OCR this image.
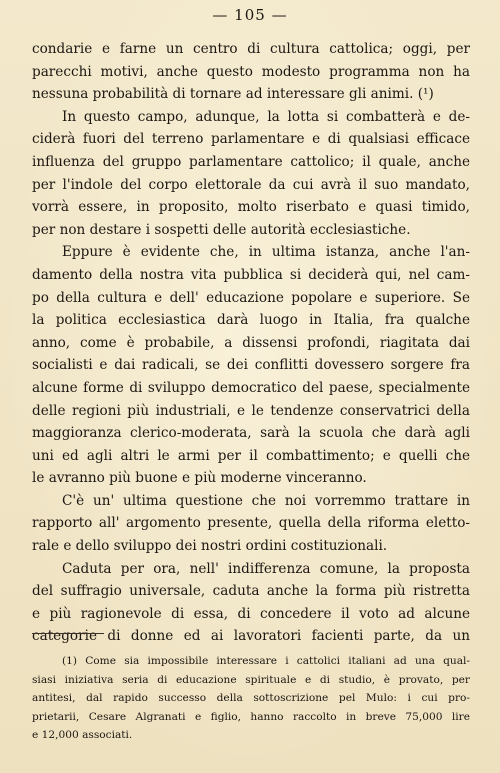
— 105 —
condarie e farne un centro di cultura cattolica; oggi, per
parecchi motivi, anche questo modesto programma non ha
nessuna probabilità di tornare ad interessare gli animi. (¹)
In questo campo, adunque, la lotta si combatterà e de-
ciderà fuori del terreno parlamentare e di qualsiasi efficace
influenza del gruppo parlamentare cattolico; il quale, anche
per l'indole del corpo elettorale da cui avrà il suo mandato,
vorrà essere, in proposito, molto riserbato e quasi timido,
per non destare i sospetti delle autorità ecclesiastiche.
Eppure è evidente che, in ultima istanza, anche l'an-
damento della nostra vita pubblica si deciderà qui, nel cam-
po della cultura e dell' educazione popolare e superiore. Se
la politica ecclesiastica darà luogo in Italia, fra qualche
anno, come è probabile, a dissensi profondi, riagitata dai
socialisti e dai radicali, se dei conflitti dovessero sorgere fra
alcune forme di sviluppo democratico del paese, specialmente
delle regioni più industriali, e le tendenze conservatrici della
maggioranza clerico-moderata, sarà la scuola che darà agli
uni ed agli altri le armi per il combattimento; e quelli che
le avranno più buone e più moderne vinceranno.
C'è un' ultima questione che noi vorremmo trattare in
rapporto all' argomento presente, quella della riforma eletto-
rale e dello sviluppo dei nostri ordini costituzionali.
Caduta per ora, nell' indifferenza comune, la proposta
del suffragio universale, caduta anche la forma più ristretta
e più ragionevole di essa, di concedere il voto ad alcune
categorie di donne ed ai lavoratori facienti parte, da un
(1) Come sia impossibile interessare i cattolici italiani ad una qual-
siasi iniziativa seria di educazione spirituale e di studio, è provato, per
antitesi, dal rapido successo della sottoscrizione pel Mulo: i cui pro-
prietarii, Cesare Algranati e figlio, hanno raccolto in breve 75,000 lire
e 12,000 associati.
